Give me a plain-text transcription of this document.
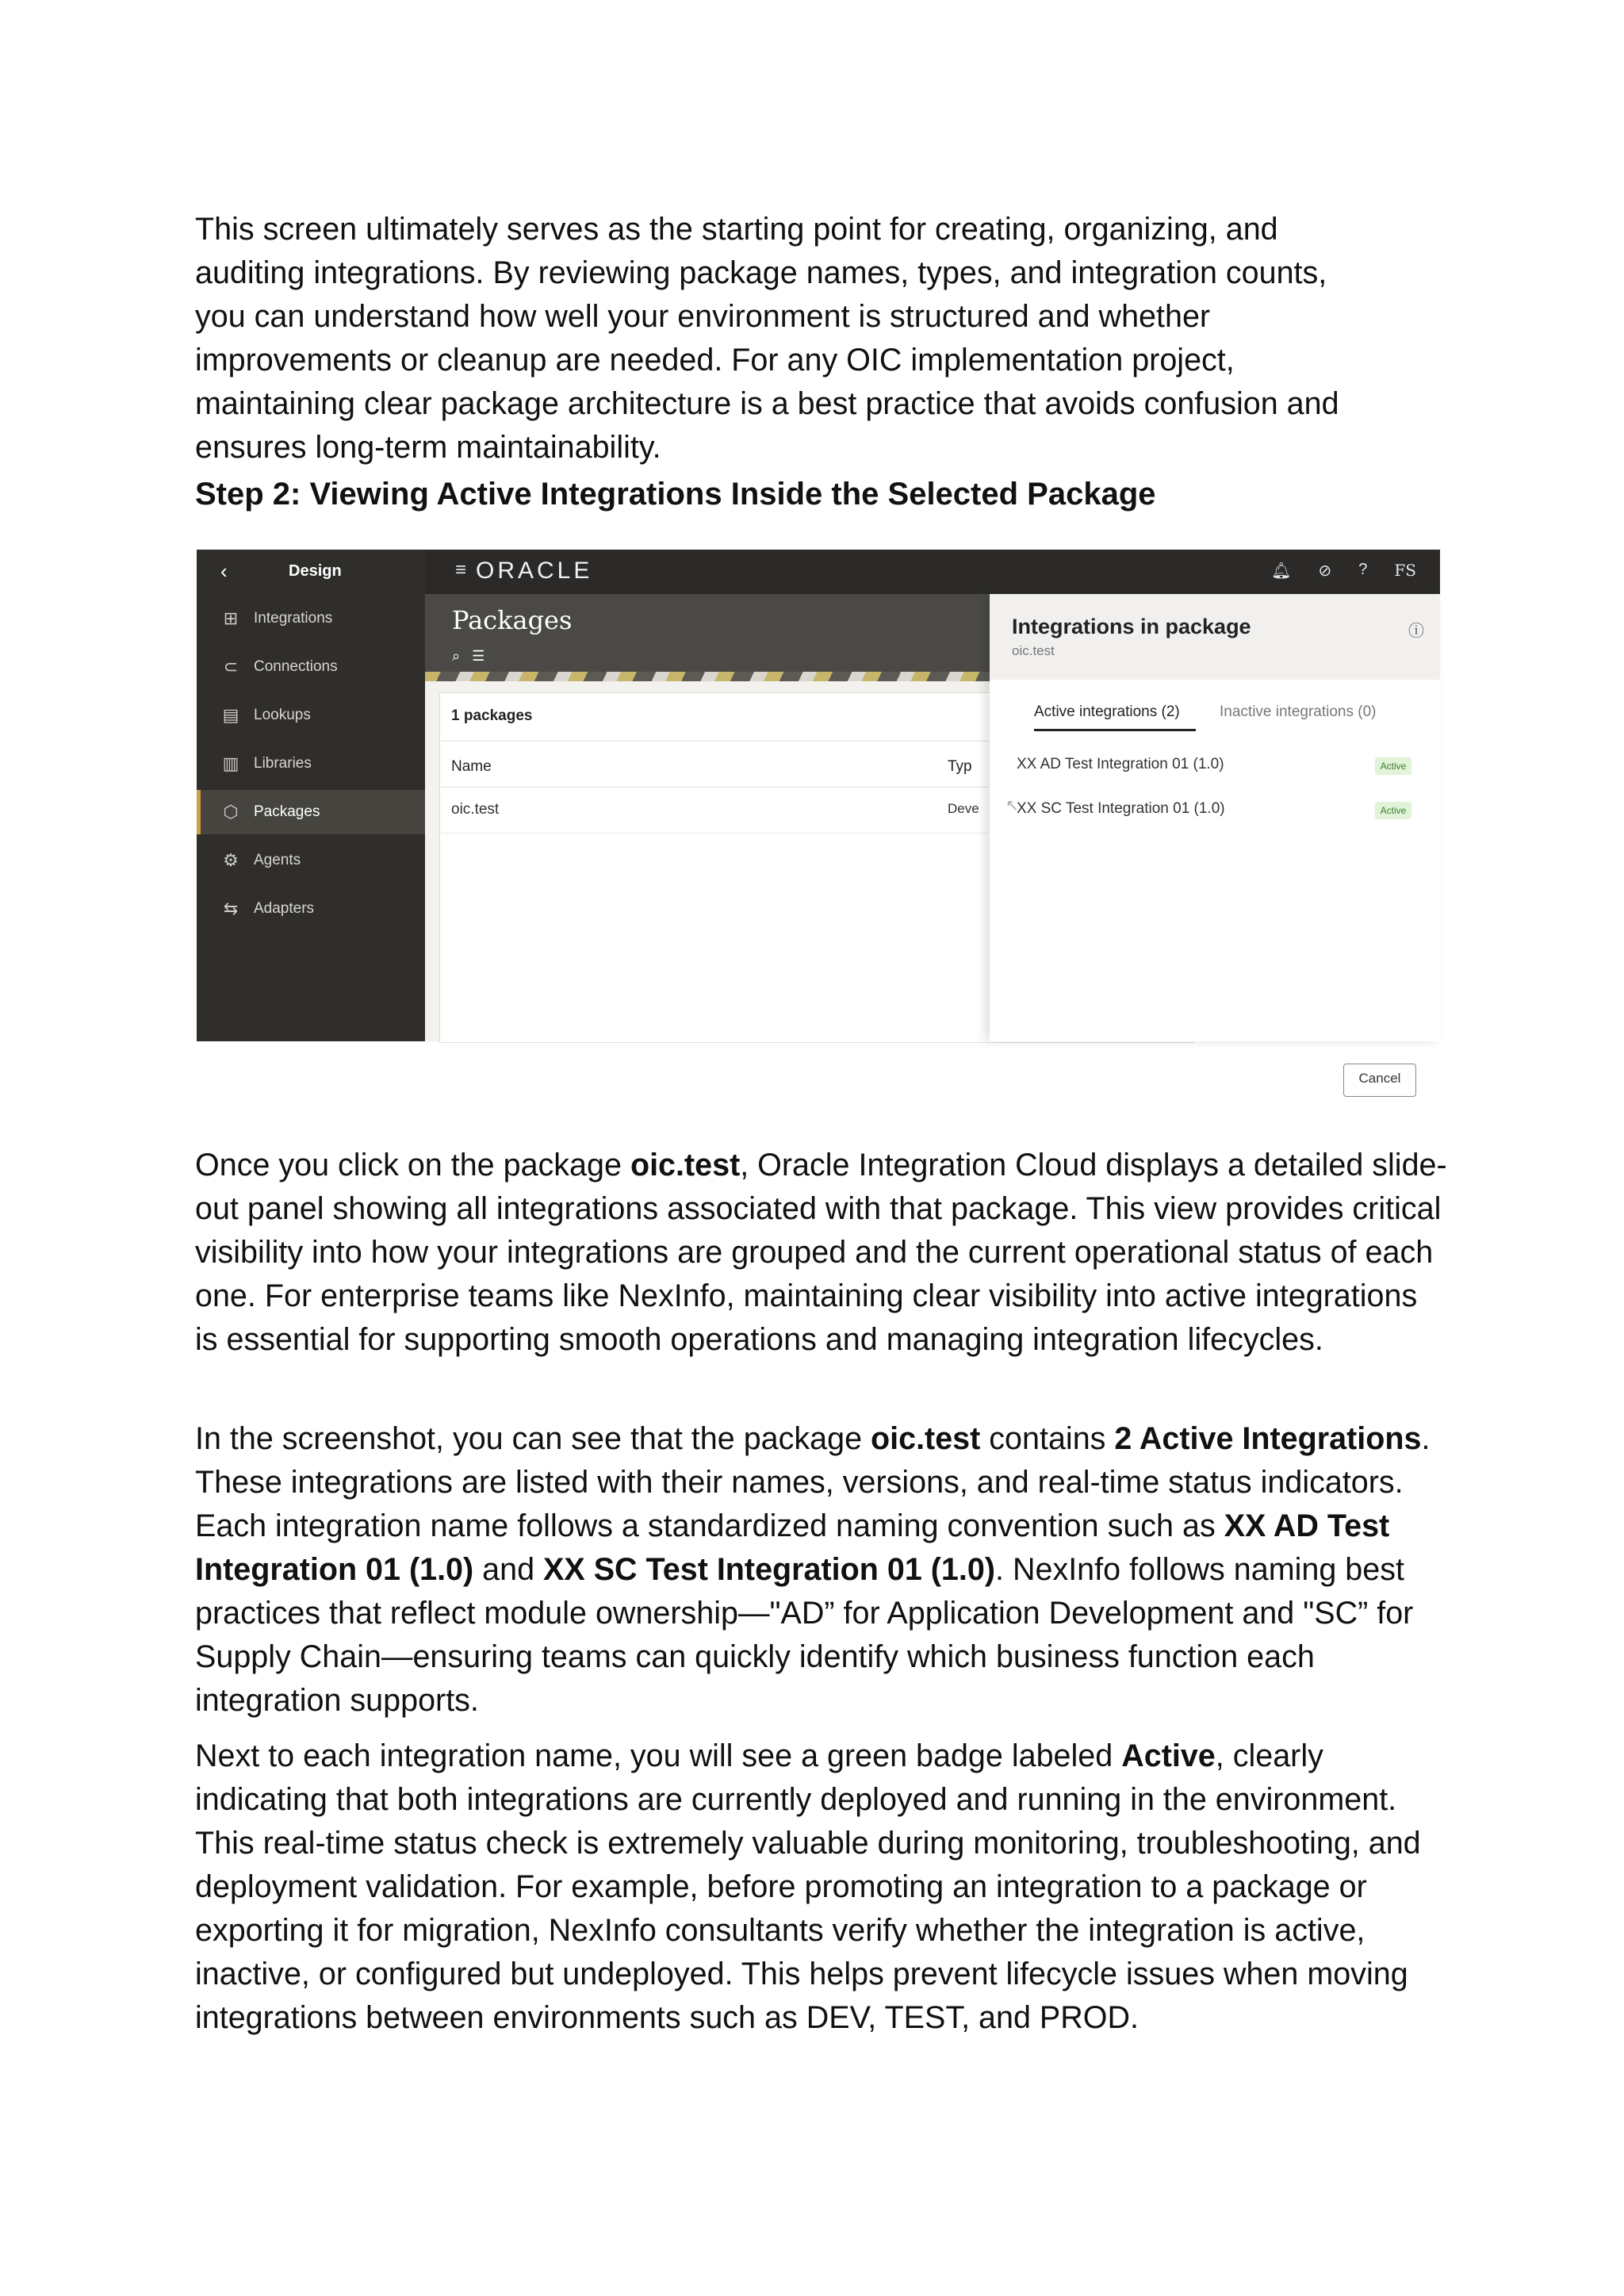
This screen ultimately serves as the starting point for creating, organizing, and
auditing integrations. By reviewing package names, types, and integration counts,
you can understand how well your environment is structured and whether
improvements or cleanup are needed. For any OIC implementation project,
maintaining clear package architecture is a best practice that avoids confusion and
ensures long-term maintainability.
Step 2: Viewing Active Integrations Inside the Selected Package
‹	Design
⊞ Integrations
⊂ Connections
▤ Lookups
▥ Libraries
⬡ Packages
⚙ Agents
⇆ Adapters
≡ ORACLE	🔔︎ ⊘ ? FS
Packages
⌕ ☰
1 packages
Name	Typ
oic.test	Deve
Integrations in package
oic.test
ⓘ
Active integrations (2)	Inactive integrations (0)
↖
XX AD Test Integration 01 (1.0)	Active
XX SC Test Integration 01 (1.0)	Active
Cancel

Once you click on the package oic.test, Oracle Integration Cloud displays a detailed slide-out panel showing all integrations associated with that package. This view provides critical visibility into how your integrations are grouped and the current operational status of each one. For enterprise teams like NexInfo, maintaining clear visibility into active integrations is essential for supporting smooth operations and managing integration lifecycles.

In the screenshot, you can see that the package oic.test contains 2 Active Integrations. These integrations are listed with their names, versions, and real-time status indicators. Each integration name follows a standardized naming convention such as XX AD Test Integration 01 (1.0) and XX SC Test Integration 01 (1.0). NexInfo follows naming best practices that reflect module ownership—"AD” for Application Development and "SC” for Supply Chain—ensuring teams can quickly identify which business function each integration supports.

Next to each integration name, you will see a green badge labeled Active, clearly indicating that both integrations are currently deployed and running in the environment. This real-time status check is extremely valuable during monitoring, troubleshooting, and deployment validation. For example, before promoting an integration to a package or exporting it for migration, NexInfo consultants verify whether the integration is active, inactive, or configured but undeployed. This helps prevent lifecycle issues when moving integrations between environments such as DEV, TEST, and PROD.
